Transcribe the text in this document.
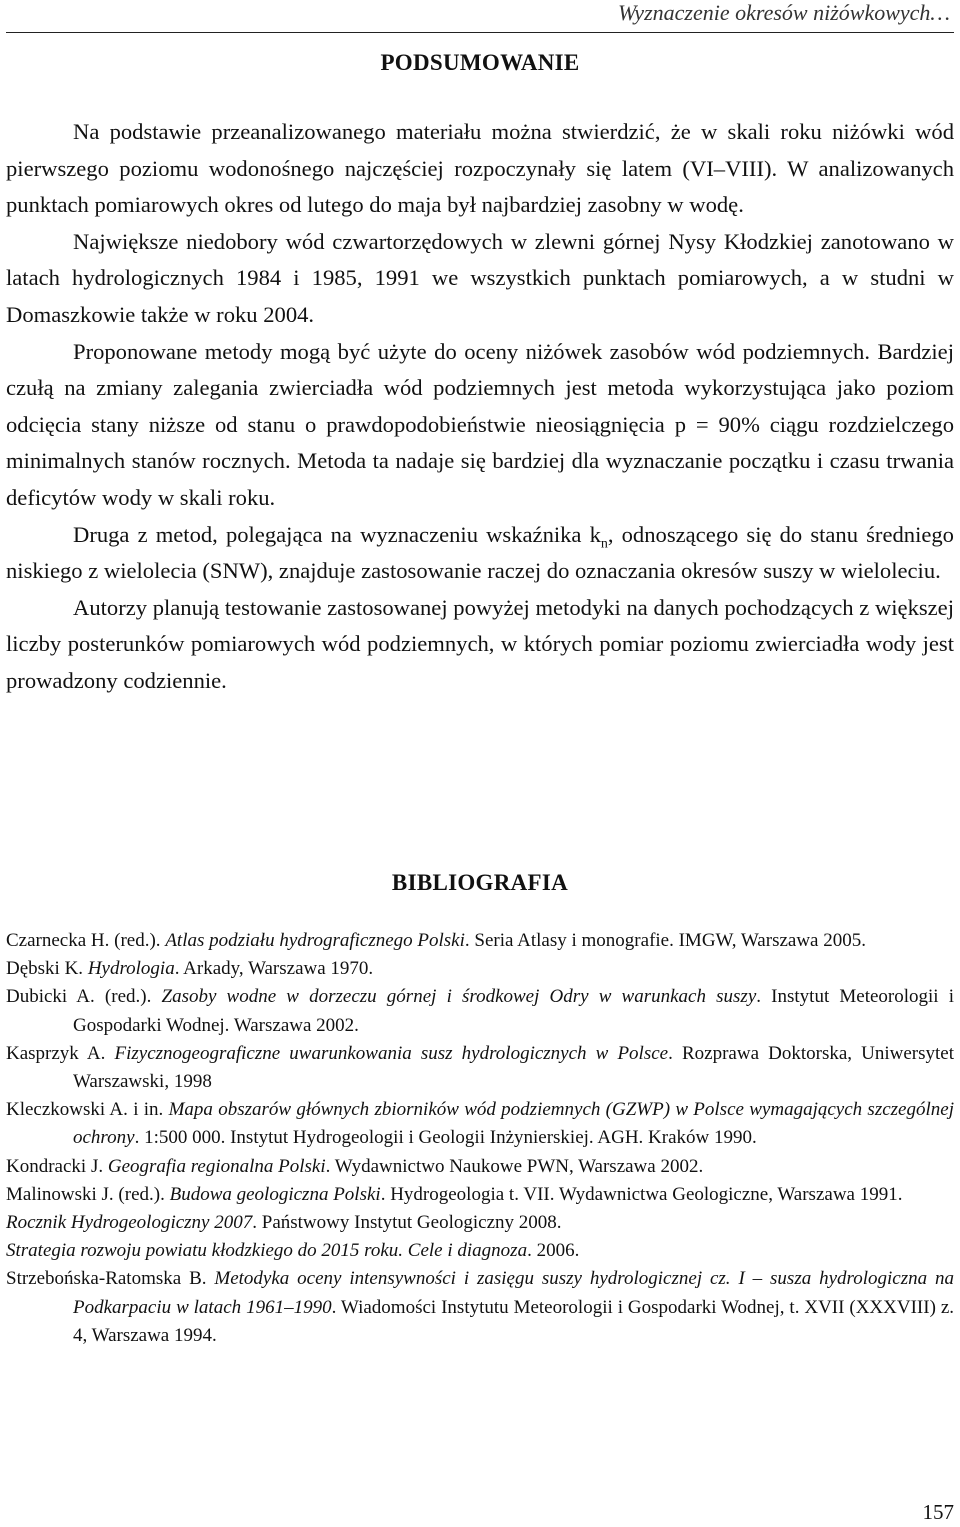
Wyznaczenie okresów niżówkowych…
PODSUMOWANIE

Na podstawie przeanalizowanego materiału można stwierdzić, że w skali roku niżówki wód pierwszego poziomu wodonośnego najczęściej rozpoczynały się latem (VI–VIII). W analizowanych punktach pomiarowych okres od lutego do maja był najbardziej zasobny w wodę.

Największe niedobory wód czwartorzędowych w zlewni górnej Nysy Kłodzkiej zanotowano w latach hydrologicznych 1984 i 1985, 1991 we wszystkich punktach pomiarowych, a w studni w Domaszkowie także w roku 2004.

Proponowane metody mogą być użyte do oceny niżówek zasobów wód podziemnych. Bardziej czułą na zmiany zalegania zwierciadła wód podziemnych jest metoda wykorzystująca jako poziom odcięcia stany niższe od stanu o prawdopodobieństwie nieosiągnięcia p = 90% ciągu rozdzielczego minimalnych stanów rocznych. Metoda ta nadaje się bardziej dla wyznaczanie początku i czasu trwania deficytów wody w skali roku.

Druga z metod, polegająca na wyznaczeniu wskaźnika $k_n$, odnoszącego się do stanu średniego niskiego z wielolecia (SNW), znajduje zastosowanie raczej do oznaczania okresów suszy w wieloleciu.

Autorzy planują testowanie zastosowanej powyżej metodyki na danych pochodzących z większej liczby posterunków pomiarowych wód podziemnych, w których pomiar poziomu zwierciadła wody jest prowadzony codziennie.

BIBLIOGRAFIA

Czarnecka H. (red.). Atlas podziału hydrograficznego Polski. Seria Atlasy i monografie. IMGW, Warszawa 2005.

Dębski K. Hydrologia. Arkady, Warszawa 1970.

Dubicki A. (red.). Zasoby wodne w dorzeczu górnej i środkowej Odry w warunkach suszy. Instytut Meteorologii i Gospodarki Wodnej. Warszawa 2002.

Kasprzyk A. Fizycznogeograficzne uwarunkowania susz hydrologicznych w Polsce. Rozprawa Doktorska, Uniwersytet Warszawski, 1998

Kleczkowski A. i in. Mapa obszarów głównych zbiorników wód podziemnych (GZWP) w Polsce wymagających szczególnej ochrony. 1:500 000. Instytut Hydrogeologii i Geologii Inżynierskiej. AGH. Kraków 1990.

Kondracki J. Geografia regionalna Polski. Wydawnictwo Naukowe PWN, Warszawa 2002.

Malinowski J. (red.). Budowa geologiczna Polski. Hydrogeologia t. VII. Wydawnictwa Geologiczne, Warszawa 1991.

Rocznik Hydrogeologiczny 2007. Państwowy Instytut Geologiczny 2008.

Strategia rozwoju powiatu kłodzkiego do 2015 roku. Cele i diagnoza. 2006.

Strzebońska-Ratomska B. Metodyka oceny intensywności i zasięgu suszy hydrologicznej cz. I – susza hydrologiczna na Podkarpaciu w latach 1961–1990. Wiadomości Instytutu Meteorologii i Gospodarki Wodnej, t. XVII (XXXVIII) z. 4, Warszawa 1994.

157
